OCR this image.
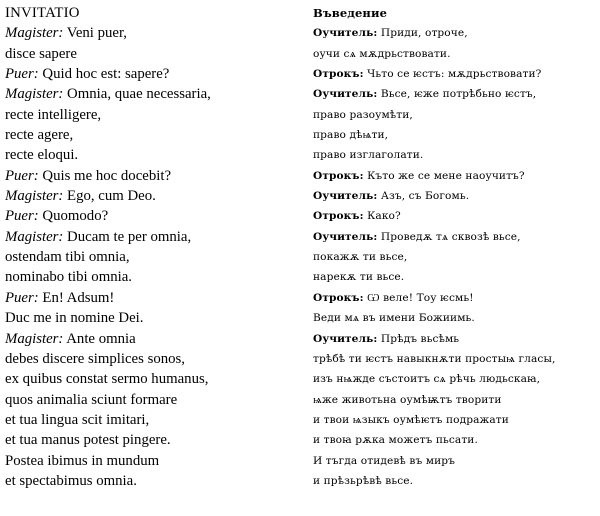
INVITATIO
Magister: Veni puer,
disce sapere
Puer: Quid hoc est: sapere?
Magister: Omnia, quae necessaria,
recte intelligere,
recte agere,
recte eloqui.
Puer: Quis me hoc docebit?
Magister: Ego, cum Deo.
Puer: Quomodo?
Magister: Ducam te per omnia,
ostendam tibi omnia,
nominabo tibi omnia.
Puer: En! Adsum!
Duc me in nomine Dei.
Magister: Ante omnia
debes discere simplices sonos,
ex quibus constat sermo humanus,
quos animalia sciunt formare
et tua lingua scit imitari,
et tua manus potest pingere.
Postea ibimus in mundum
et spectabimus omnia.
Въведение
Оучитель: Приди, отроче,
оучи сѧ мѫдрьствовати.
Отрокъ: Чьто се ѥстъ: мѫдрьствовати?
Оучитель: Вьсе, ѥже потрѣбьно ѥстъ,
право разоумѣти,
право дѣѩти,
право изглаголати.
Отрокъ: Къто же се мене наоучитъ?
Оучитель: Азъ, съ Богомь.
Отрокъ: Како?
Оучитель: Проведѫ тѧ сквозѣ вьсе,
покажѫ ти вьсе,
нарекѫ ти вьсе.
Отрокъ: Ѡ веле! Тоу ѥсмь!
Веди мѧ въ имени Божиимь.
Оучитель: Прѣдъ вьсѣмь
трѣбѣ ти ѥстъ навыкнѫти простыѩ гласы,
изъ нѩжде състоитъ сѧ рѣчь людьскаꙗ,
ѩже животьна оумѣѭтъ творити
и твои ѩзыкъ оумѣѥтъ подражати
и твоꙗ рѫка можетъ пьсати.
И тъгда отидевѣ въ миръ
и прѣзьрѣвѣ вьсе.
